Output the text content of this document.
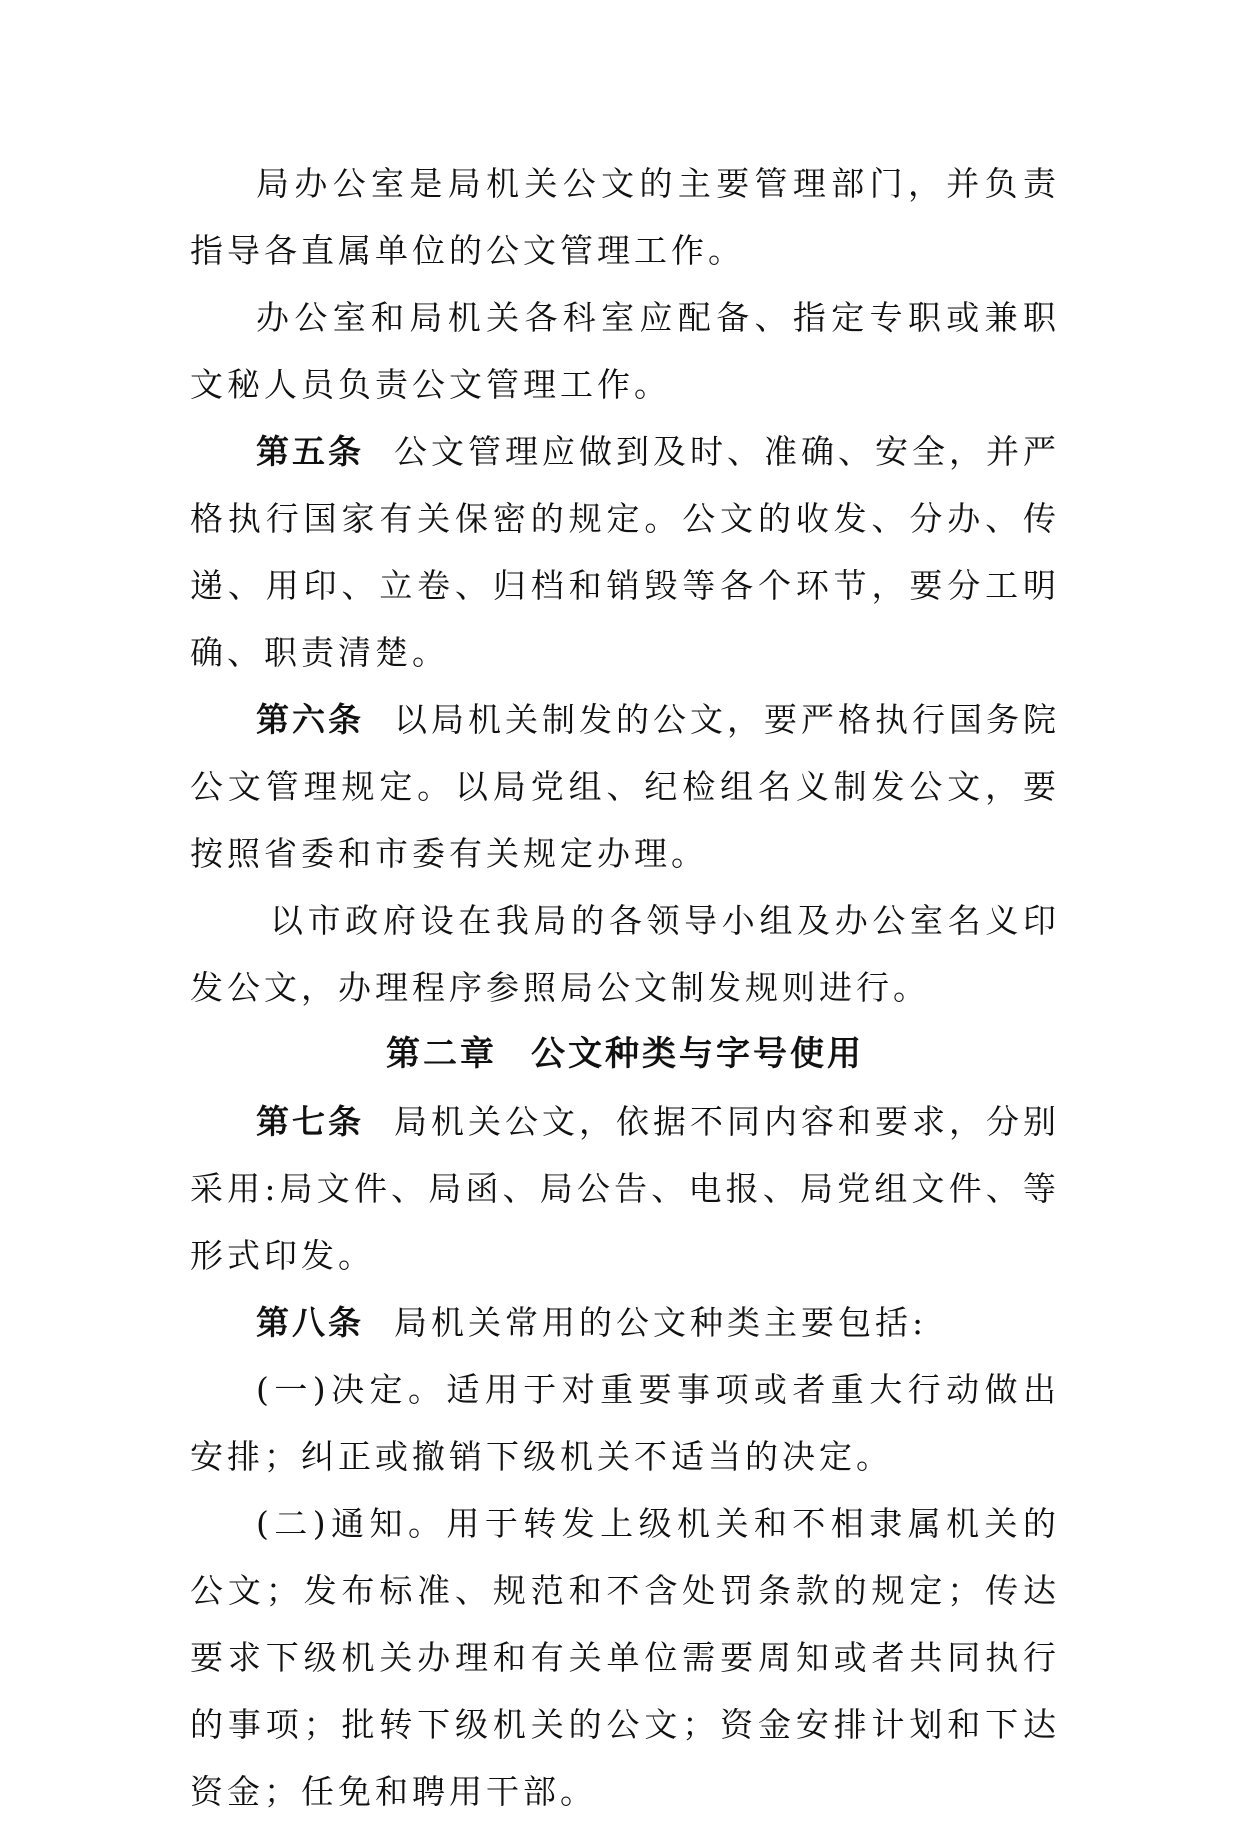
局办公室是局机关公文的主要管理部门，并负责指导各直属单位的公文管理工作。

办公室和局机关各科室应配备、指定专职或兼职文秘人员负责公文管理工作。

第五条 公文管理应做到及时、准确、安全，并严格执行国家有关保密的规定。公文的收发、分办、传递、用印、立卷、归档和销毁等各个环节，要分工明确、职责清楚。

第六条 以局机关制发的公文，要严格执行国务院公文管理规定。以局党组、纪检组名义制发公文，要按照省委和市委有关规定办理。

以市政府设在我局的各领导小组及办公室名义印发公文，办理程序参照局公文制发规则进行。

第二章 公文种类与字号使用

第七条 局机关公文，依据不同内容和要求，分别采用:局文件、局函、局公告、电报、局党组文件、等形式印发。

第八条 局机关常用的公文种类主要包括:

(一)决定。适用于对重要事项或者重大行动做出安排；纠正或撤销下级机关不适当的决定。

(二)通知。用于转发上级机关和不相隶属机关的公文；发布标准、规范和不含处罚条款的规定；传达要求下级机关办理和有关单位需要周知或者共同执行的事项；批转下级机关的公文；资金安排计划和下达资金；任免和聘用干部。
